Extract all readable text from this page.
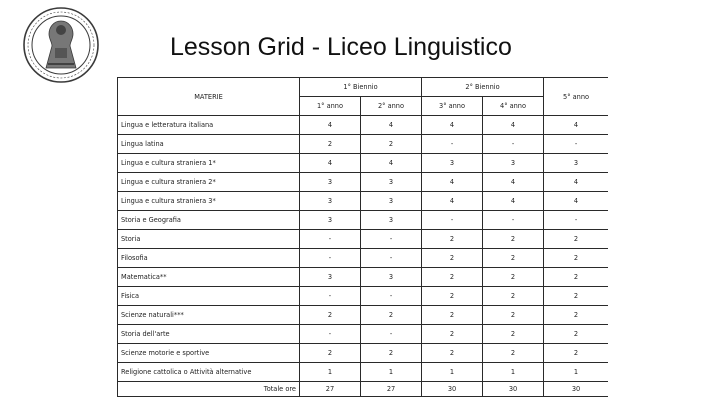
Lesson Grid - Liceo Linguistico
MATERIE	1° Biennio		2° Biennio		5° anno
	1° anno	2° anno	3° anno	4° anno	
Lingua e letteratura italiana	4	4	4	4	4
Lingua latina	2	2	-	-	-
Lingua e cultura straniera 1*	4	4	3	3	3
Lingua e cultura straniera 2*	3	3	4	4	4
Lingua e cultura straniera 3*	3	3	4	4	4
Storia e Geografia	3	3	-	-	-
Storia	-	-	2	2	2
Filosofia	-	-	2	2	2
Matematica**	3	3	2	2	2
Fisica	-	-	2	2	2
Scienze naturali***	2	2	2	2	2
Storia dell'arte	-	-	2	2	2
Scienze motorie e sportive	2	2	2	2	2
Religione cattolica o Attività alternative	1	1	1	1	1
Totale ore	27	27	30	30	30
